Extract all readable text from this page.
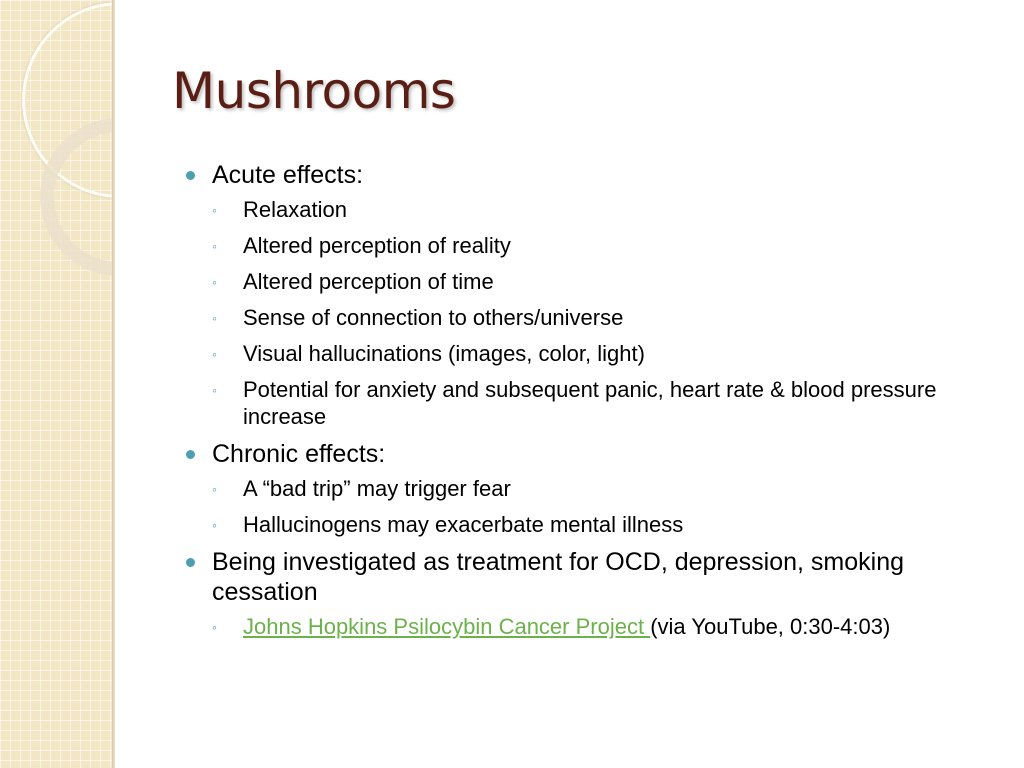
Mushrooms
Acute effects:
◦ Relaxation
◦ Altered perception of reality
◦ Altered perception of time
◦ Sense of connection to others/universe
◦ Visual hallucinations (images, color, light)
◦ Potential for anxiety and subsequent panic, heart rate & blood pressure increase
Chronic effects:
◦ A “bad trip” may trigger fear
◦ Hallucinogens may exacerbate mental illness
Being investigated as treatment for OCD, depression, smoking cessation
◦ Johns Hopkins Psilocybin Cancer Project (via YouTube, 0:30-4:03)
